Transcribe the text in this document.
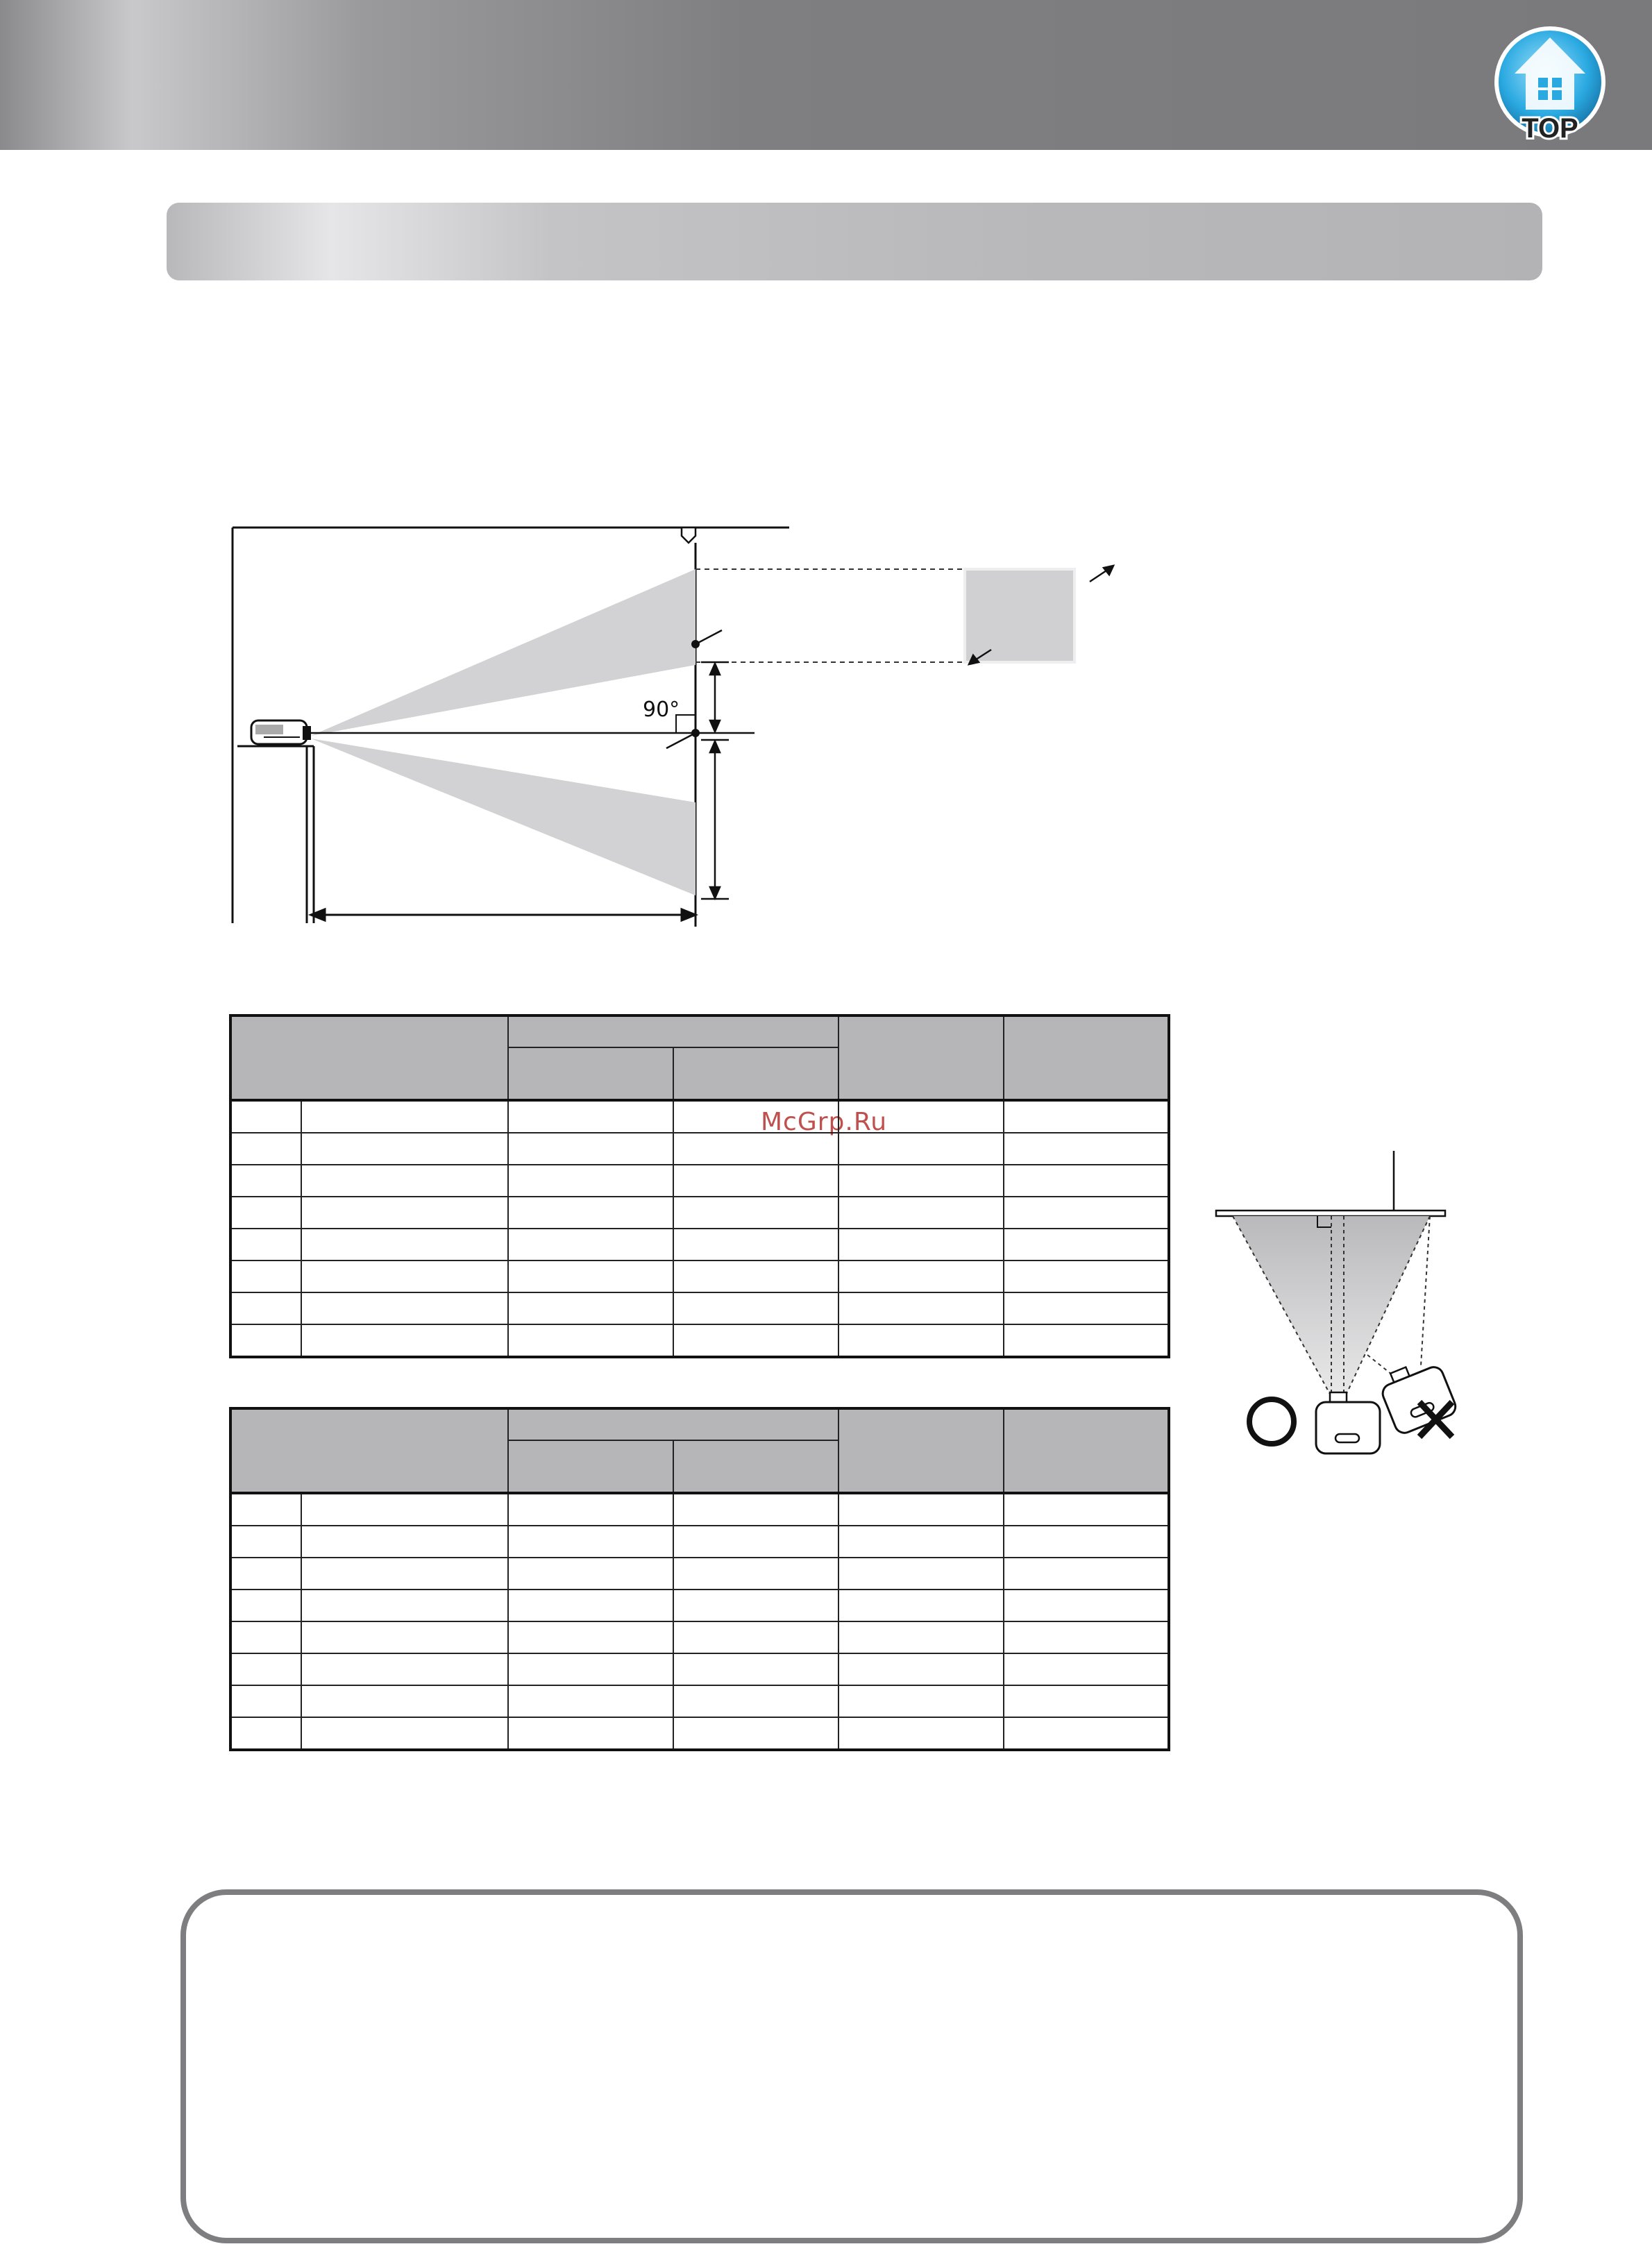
TOP
90°
McGrp.Ru
